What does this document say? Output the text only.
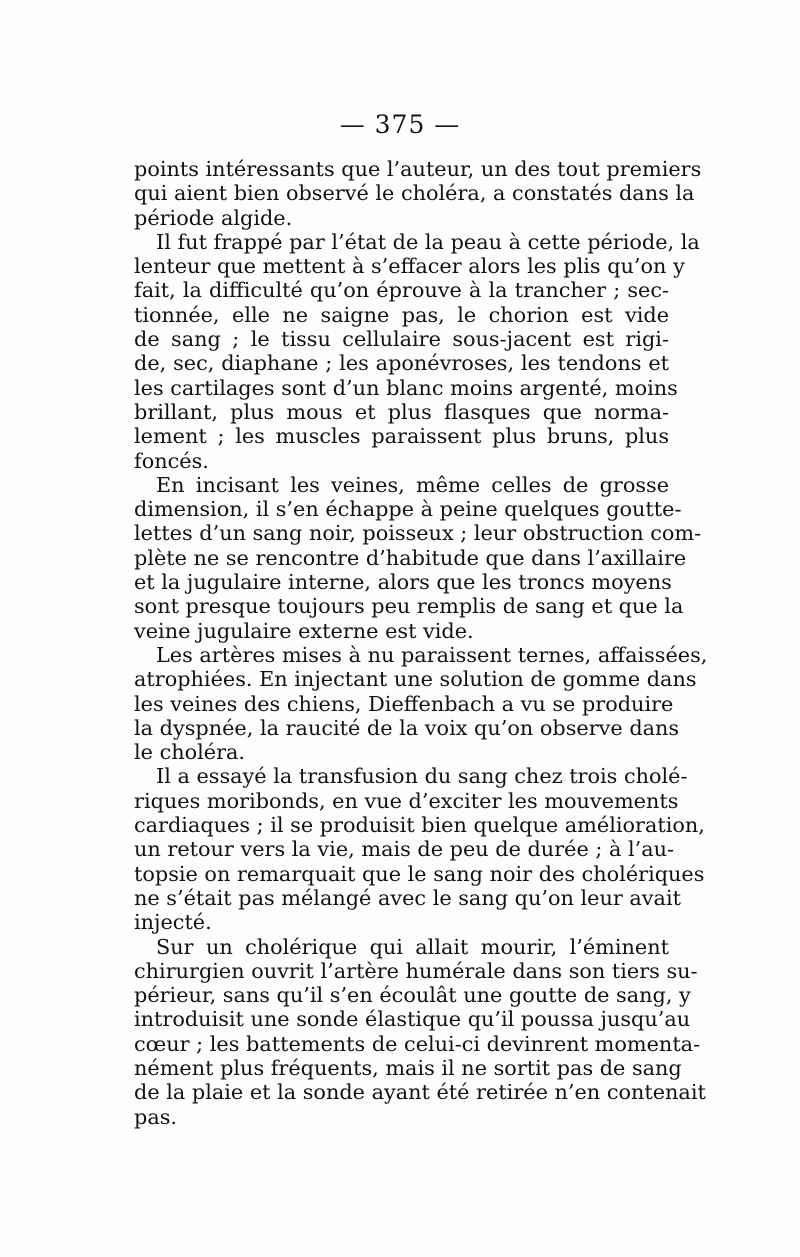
— 375 —

points intéressants que l’auteur, un des tout premiers
qui aient bien observé le choléra, a constatés dans la
période algide.

Il fut frappé par l’état de la peau à cette période, la
lenteur que mettent à s’effacer alors les plis qu’on y
fait, la difficulté qu’on éprouve à la trancher ; sec-
tionnée, elle ne saigne pas, le chorion est vide
de sang ; le tissu cellulaire sous-jacent est rigi-
de, sec, diaphane ; les aponévroses, les tendons et
les cartilages sont d’un blanc moins argenté, moins
brillant, plus mous et plus flasques que norma-
lement ; les muscles paraissent plus bruns, plus
foncés.

En incisant les veines, même celles de grosse
dimension, il s’en échappe à peine quelques goutte-
lettes d’un sang noir, poisseux ; leur obstruction com-
plète ne se rencontre d’habitude que dans l’axillaire
et la jugulaire interne, alors que les troncs moyens
sont presque toujours peu remplis de sang et que la
veine jugulaire externe est vide.

Les artères mises à nu paraissent ternes, affaissées,
atrophiées. En injectant une solution de gomme dans
les veines des chiens, Dieffenbach a vu se produire
la dyspnée, la raucité de la voix qu’on observe dans
le choléra.

Il a essayé la transfusion du sang chez trois cholé-
riques moribonds, en vue d’exciter les mouvements
cardiaques ; il se produisit bien quelque amélioration,
un retour vers la vie, mais de peu de durée ; à l’au-
topsie on remarquait que le sang noir des cholériques
ne s’était pas mélangé avec le sang qu’on leur avait
injecté.

Sur un cholérique qui allait mourir, l’éminent
chirurgien ouvrit l’artère humérale dans son tiers su-
périeur, sans qu’il s’en écoulât une goutte de sang, y
introduisit une sonde élastique qu’il poussa jusqu’au
cœur ; les battements de celui-ci devinrent momenta-
nément plus fréquents, mais il ne sortit pas de sang
de la plaie et la sonde ayant été retirée n’en contenait
pas.
